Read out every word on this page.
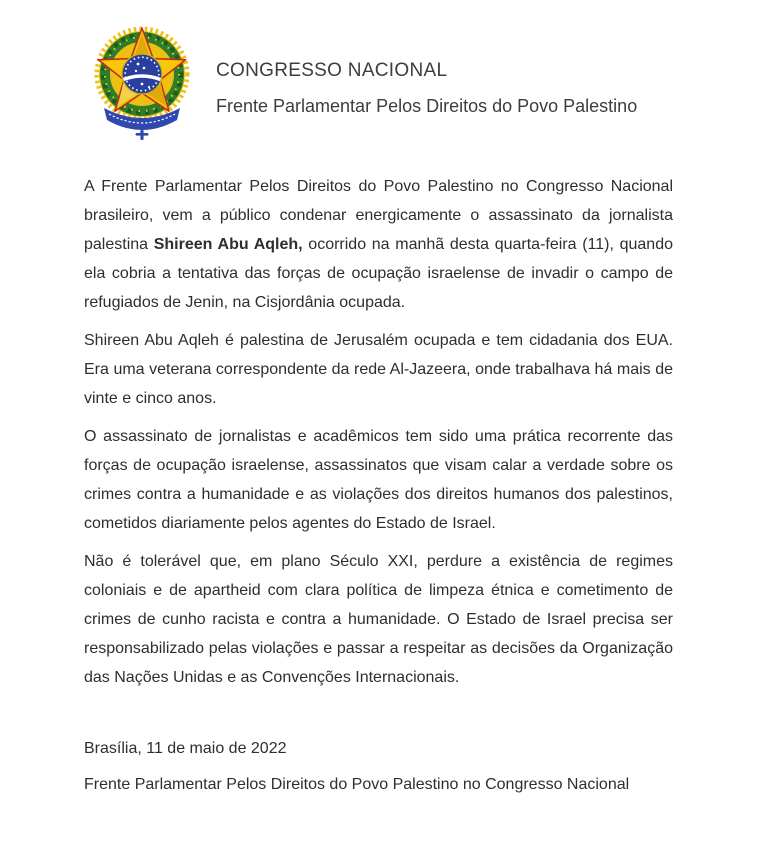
CONGRESSO NACIONAL
Frente Parlamentar Pelos Direitos do Povo Palestino

A Frente Parlamentar Pelos Direitos do Povo Palestino no Congresso Nacional brasileiro, vem a público condenar energicamente o assassinato da jornalista palestina Shireen Abu Aqleh, ocorrido na manhã desta quarta-feira (11), quando ela cobria a tentativa das forças de ocupação israelense de invadir o campo de refugiados de Jenin, na Cisjordânia ocupada.

Shireen Abu Aqleh é palestina de Jerusalém ocupada e tem cidadania dos EUA. Era uma veterana correspondente da rede Al-Jazeera, onde trabalhava há mais de vinte e cinco anos.

O assassinato de jornalistas e acadêmicos tem sido uma prática recorrente das forças de ocupação israelense, assassinatos que visam calar a verdade sobre os crimes contra a humanidade e as violações dos direitos humanos dos palestinos, cometidos diariamente pelos agentes do Estado de Israel.

Não é tolerável que, em plano Século XXI, perdure a existência de regimes coloniais e de apartheid com clara política de limpeza étnica e cometimento de crimes de cunho racista e contra a humanidade. O Estado de Israel precisa ser responsabilizado pelas violações e passar a respeitar as decisões da Organização das Nações Unidas e as Convenções Internacionais.

Brasília, 11 de maio de 2022

Frente Parlamentar Pelos Direitos do Povo Palestino no Congresso Nacional
